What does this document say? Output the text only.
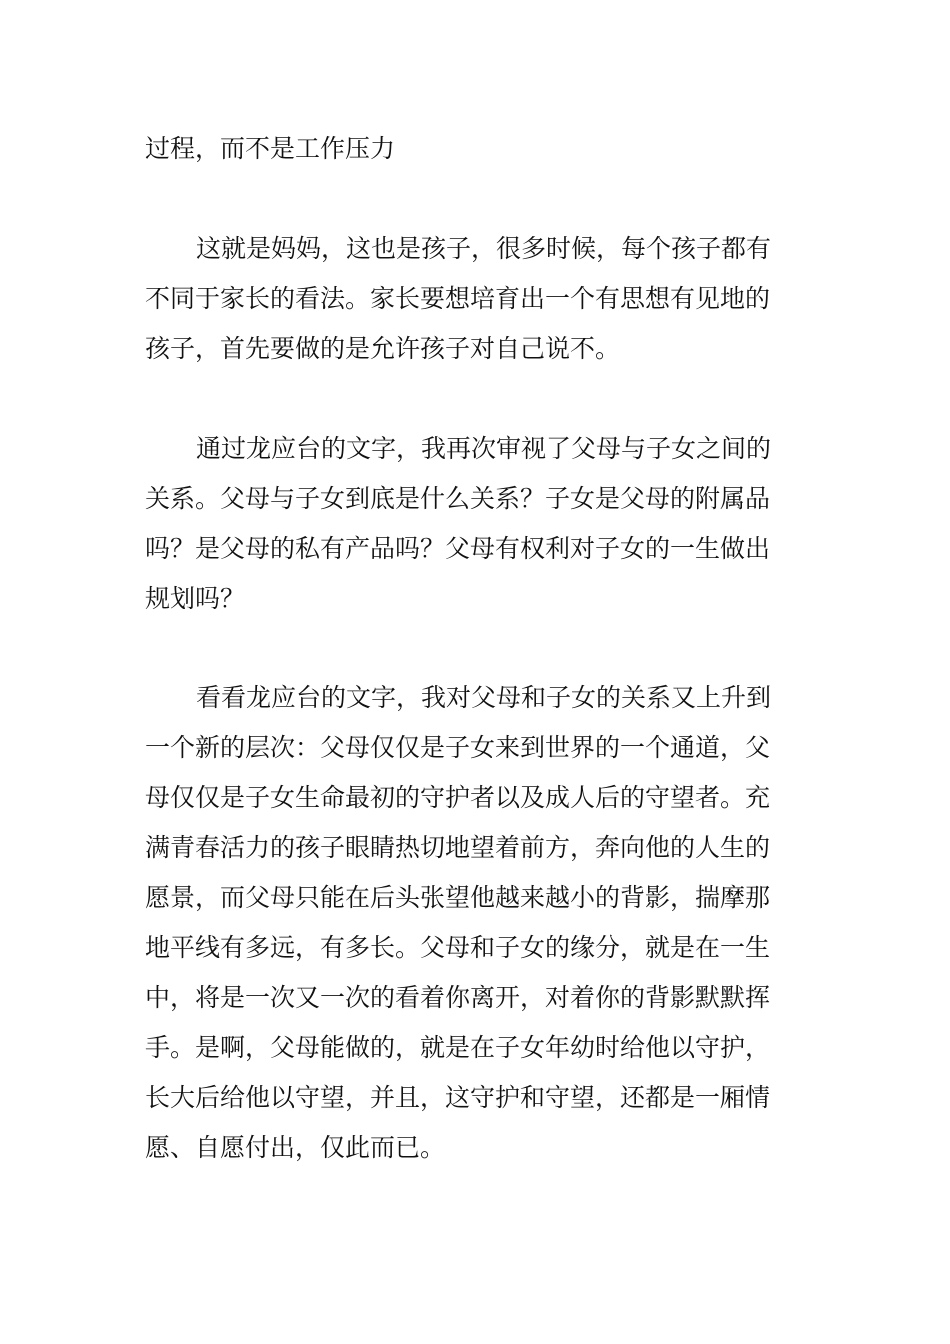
过程，而不是工作压力
这就是妈妈，这也是孩子，很多时候，每个孩子都有
不同于家长的看法。家长要想培育出一个有思想有见地的
孩子，首先要做的是允许孩子对自己说不。
通过龙应台的文字，我再次审视了父母与子女之间的
关系。父母与子女到底是什么关系？子女是父母的附属品
吗？是父母的私有产品吗？父母有权利对子女的一生做出
规划吗？
看看龙应台的文字，我对父母和子女的关系又上升到
一个新的层次：父母仅仅是子女来到世界的一个通道，父
母仅仅是子女生命最初的守护者以及成人后的守望者。充
满青春活力的孩子眼睛热切地望着前方，奔向他的人生的
愿景，而父母只能在后头张望他越来越小的背影，揣摩那
地平线有多远，有多长。父母和子女的缘分，就是在一生
中，将是一次又一次的看着你离开，对着你的背影默默挥
手。是啊，父母能做的，就是在子女年幼时给他以守护，
长大后给他以守望，并且，这守护和守望，还都是一厢情
愿、自愿付出，仅此而已。
